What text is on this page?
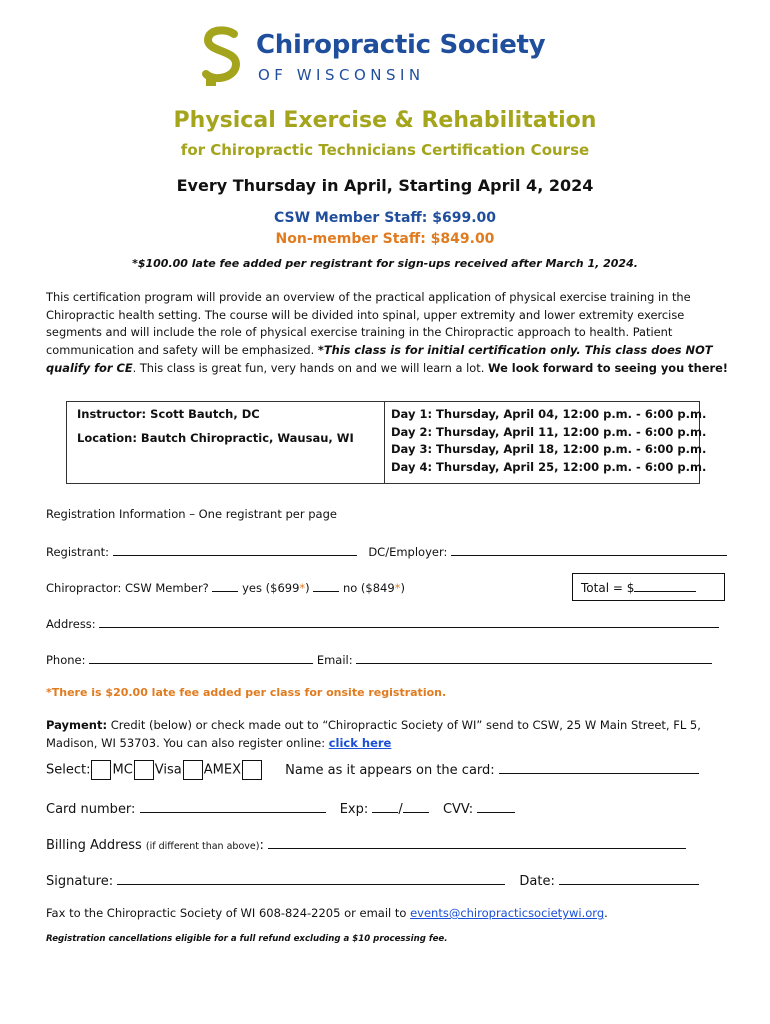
Chiropractic Society
OF WISCONSIN
Physical Exercise & Rehabilitation
for Chiropractic Technicians Certification Course
Every Thursday in April, Starting April 4, 2024
CSW Member Staff: $699.00
Non-member Staff: $849.00
*$100.00 late fee added per registrant for sign-ups received after March 1, 2024.
This certification program will provide an overview of the practical application of physical exercise training in the Chiropractic health setting. The course will be divided into spinal, upper extremity and lower extremity exercise segments and will include the role of physical exercise training in the Chiropractic approach to health. Patient communication and safety will be emphasized. *This class is for initial certification only. This class does NOT qualify for CE. This class is great fun, very hands on and we will learn a lot. We look forward to seeing you there!
Instructor: Scott Bautch, DC
Location: Bautch Chiropractic, Wausau, WI
Day 1: Thursday, April 04, 12:00 p.m. - 6:00 p.m.
Day 2: Thursday, April 11, 12:00 p.m. - 6:00 p.m.
Day 3: Thursday, April 18, 12:00 p.m. - 6:00 p.m.
Day 4: Thursday, April 25, 12:00 p.m. - 6:00 p.m.
Registration Information – One registrant per page
Registrant:	DC/Employer:
Chiropractor: CSW Member?	yes ($699*)	no ($849*)	Total = $
Address:
Phone:	Email:
*There is $20.00 late fee added per class for onsite registration.
Payment: Credit (below) or check made out to “Chiropractic Society of WI” send to CSW, 25 W Main Street, FL 5, Madison, WI 53703. You can also register online: click here
Select: MC Visa AMEX	Name as it appears on the card:
Card number:	Exp: /	CVV:
Billing Address (if different than above):
Signature:	Date:
Fax to the Chiropractic Society of WI 608-824-2205 or email to events@chiropracticsocietywi.org.
Registration cancellations eligible for a full refund excluding a $10 processing fee.
